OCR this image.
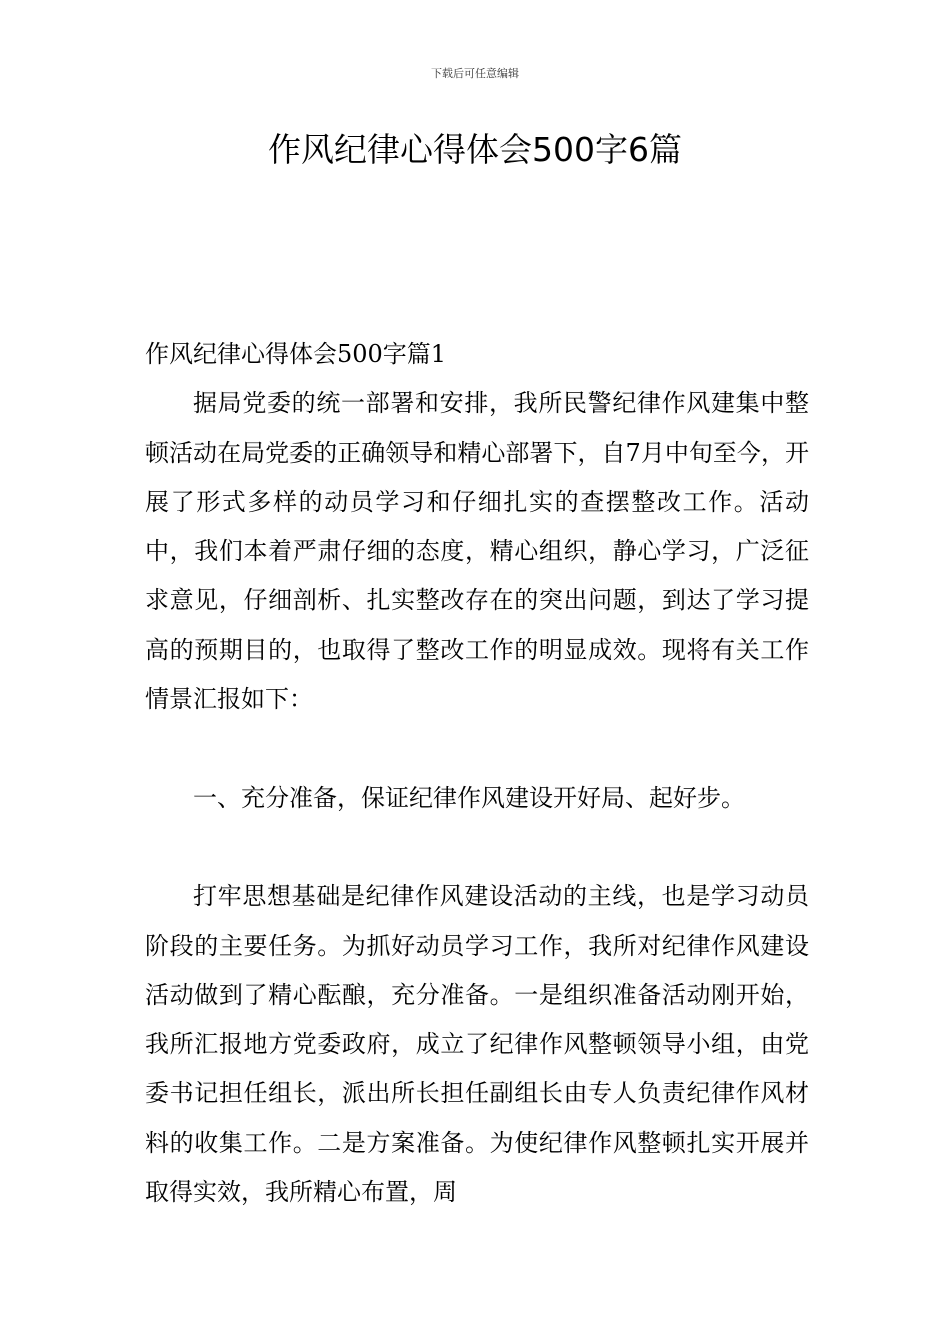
下载后可任意编辑
作风纪律心得体会500字6篇

作风纪律心得体会500字篇1

据局党委的统一部署和安排，我所民警纪律作风建集中整顿活动在局党委的正确领导和精心部署下，自7月中旬至今，开展了形式多样的动员学习和仔细扎实的查摆整改工作。活动中，我们本着严肃仔细的态度，精心组织，静心学习，广泛征求意见，仔细剖析、扎实整改存在的突出问题，到达了学习提高的预期目的，也取得了整改工作的明显成效。现将有关工作情景汇报如下：

一、充分准备，保证纪律作风建设开好局、起好步。

打牢思想基础是纪律作风建设活动的主线，也是学习动员阶段的主要任务。为抓好动员学习工作，我所对纪律作风建设活动做到了精心酝酿，充分准备。一是组织准备活动刚开始，我所汇报地方党委政府，成立了纪律作风整顿领导小组，由党委书记担任组长，派出所长担任副组长由专人负责纪律作风材料的收集工作。二是方案准备。为使纪律作风整顿扎实开展并取得实效，我所精心布置，周
